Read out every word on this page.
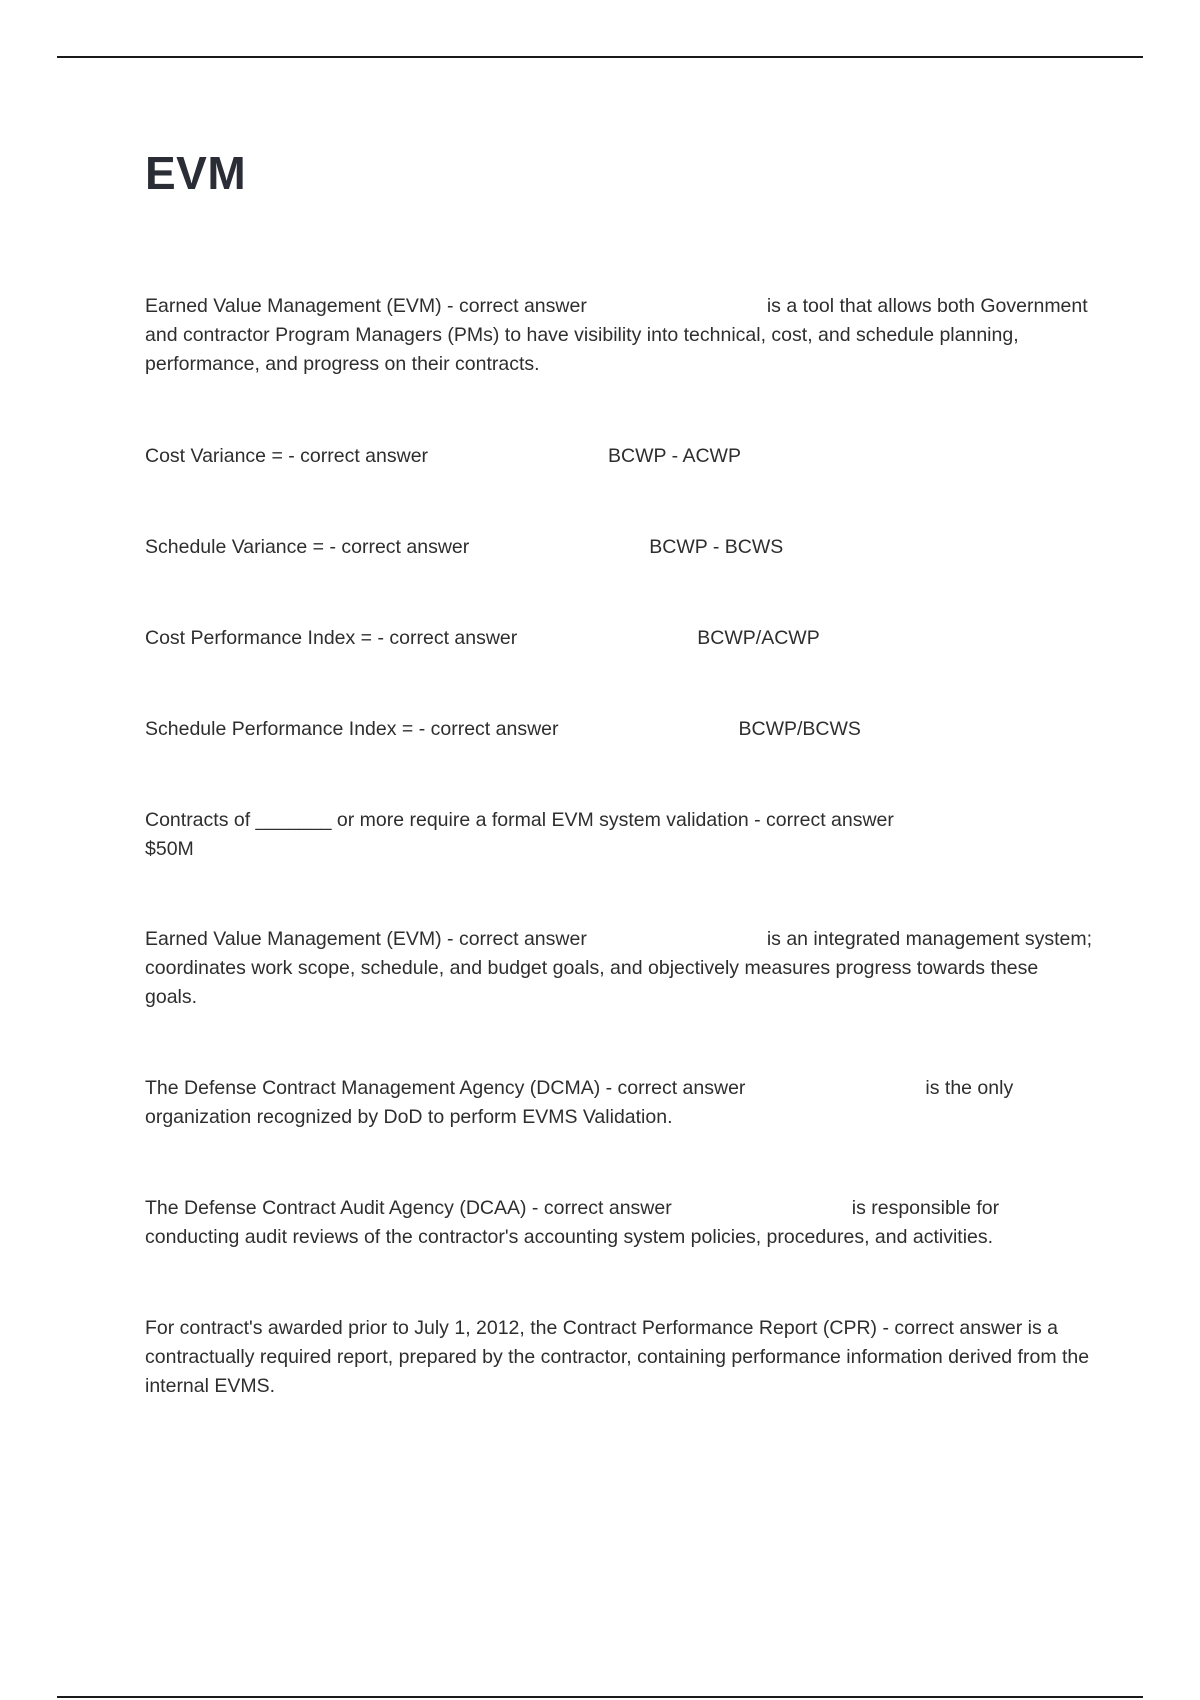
EVM

Earned Value Management (EVM) - correct answer	is a tool that allows both Government and contractor Program Managers (PMs) to have visibility into technical, cost, and schedule planning, performance, and progress on their contracts.

Cost Variance = - correct answer	BCWP - ACWP

Schedule Variance = - correct answer	BCWP - BCWS

Cost Performance Index = - correct answer	BCWP/ACWP

Schedule Performance Index = - correct answer	BCWP/BCWS

Contracts of _______ or more require a formal EVM system validation - correct answer
$50M

Earned Value Management (EVM) - correct answer	is an integrated management system; coordinates work scope, schedule, and budget goals, and objectively measures progress towards these goals.

The Defense Contract Management Agency (DCMA) - correct answer	is the only organization recognized by DoD to perform EVMS Validation.

The Defense Contract Audit Agency (DCAA) - correct answer	is responsible for conducting audit reviews of the contractor's accounting system policies, procedures, and activities.

For contract's awarded prior to July 1, 2012, the Contract Performance Report (CPR) - correct answer is a contractually required report, prepared by the contractor, containing performance information derived from the internal EVMS.
